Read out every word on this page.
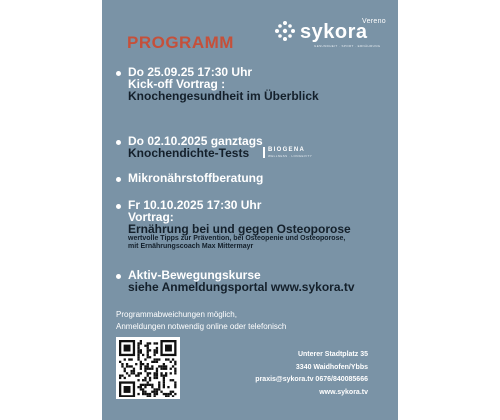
Vereno
sykora
GESUNDHEIT · SPORT · ERNÄHRUNG
PROGRAMM
Do 25.09.25 17:30 Uhr
Kick-off Vortrag :
Knochengesundheit im Überblick
Do 02.10.2025 ganztags
Knochendichte-Tests
Mikronährstoffberatung
Fr 10.10.2025 17:30 Uhr
Vortrag:
Ernährung bei und gegen Osteoporose
wertvolle Tipps zur Prävention, bei Osteopenie und Osteoporose,
mit Ernährungscoach Max Mittermayr
Aktiv-Bewegungskurse
siehe Anmeldungsportal www.sykora.tv
Programmabweichungen möglich,
Anmeldungen notwendig online oder telefonisch
Unterer Stadtplatz 35
3340 Waidhofen/Ybbs
praxis@sykora.tv 0676/840085666
www.sykora.tv
BIOGENA
WELLNESS · LONGEVITY
